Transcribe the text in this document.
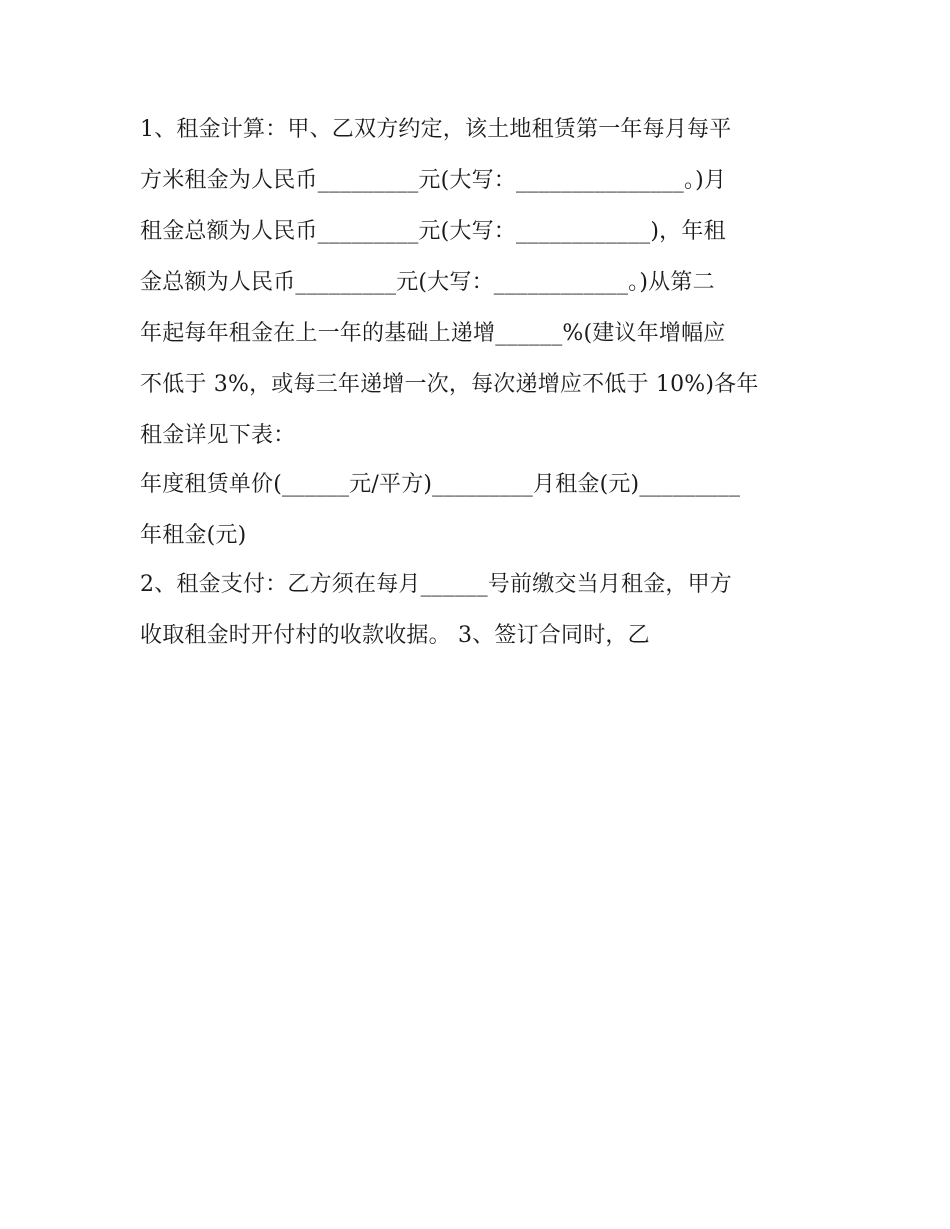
1、租金计算：甲、乙双方约定，该土地租赁第一年每月每平
方米租金为人民币_________元(大写：_______________。)月
租金总额为人民币_________元(大写：____________)，年租
金总额为人民币_________元(大写：____________。)从第二
年起每年租金在上一年的基础上递增______%(建议年增幅应
不低于 3%，或每三年递增一次，每次递增应不低于 10%)各年
租金详见下表：
年度租赁单价(______元/平方)_________月租金(元)_________
年租金(元)
2、租金支付：乙方须在每月______号前缴交当月租金，甲方
收取租金时开付村的收款收据。 3、签订合同时，乙
